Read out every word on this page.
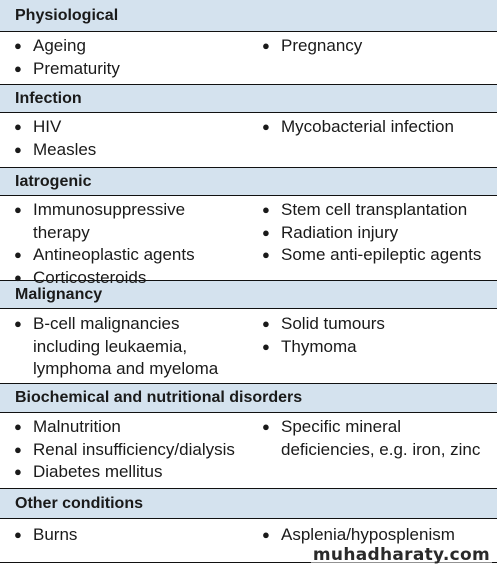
Physiological
● Ageing
● Prematurity
● Pregnancy
Infection
● HIV
● Measles
● Mycobacterial infection
Iatrogenic
● Immunosuppressive
therapy
● Antineoplastic agents
● Corticosteroids
● Stem cell transplantation
● Radiation injury
● Some anti-epileptic agents
Malignancy
● B-cell malignancies
including leukaemia,
lymphoma and myeloma
● Solid tumours
● Thymoma
Biochemical and nutritional disorders
● Malnutrition
● Renal insufficiency/dialysis
● Diabetes mellitus
● Specific mineral
deficiencies, e.g. iron, zinc
Other conditions
● Burns	● Asplenia/hyposplenism
muhadharaty.com
